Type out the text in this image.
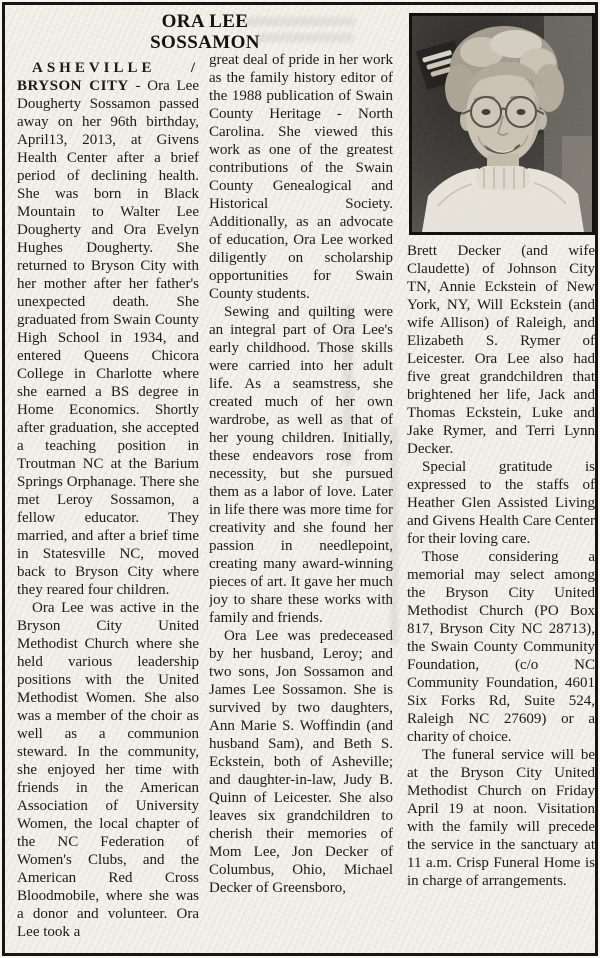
ORA LEE
SOSSAMON

ASHEVILLE / BRYSON CITY - Ora Lee Dougherty Sossamon passed away on her 96th birthday, April13, 2013, at Givens Health Center after a brief period of declining health. She was born in Black Mountain to Walter Lee Dougherty and Ora Evelyn Hughes Dougherty. She returned to Bryson City with her mother after her father's unexpected death. She graduated from Swain County High School in 1934, and entered Queens Chicora College in Charlotte where she earned a BS degree in Home Economics. Shortly after graduation, she accepted a teaching position in Troutman NC at the Barium Springs Orphanage. There she met Leroy Sossamon, a fellow educator. They married, and after a brief time in Statesville NC, moved back to Bryson City where they reared four children.

Ora Lee was active in the Bryson City United Methodist Church where she held various leadership positions with the United Methodist Women. She also was a member of the choir as well as a communion steward. In the community, she enjoyed her time with friends in the American Association of University Women, the local chapter of the NC Federation of Women's Clubs, and the American Red Cross Bloodmobile, where she was a donor and volunteer. Ora Lee took a

great deal of pride in her work as the family history editor of the 1988 publication of Swain County Heritage - North Carolina. She viewed this work as one of the greatest contributions of the Swain County Genealogical and Historical Society. Additionally, as an advocate of education, Ora Lee worked diligently on scholarship opportunities for Swain County students.

Sewing and quilting were an integral part of Ora Lee's early childhood. Those skills were carried into her adult life. As a seamstress, she created much of her own wardrobe, as well as that of her young children. Initially, these endeavors rose from necessity, but she pursued them as a labor of love. Later in life there was more time for creativity and she found her passion in needlepoint, creating many award-winning pieces of art. It gave her much joy to share these works with family and friends.

Ora Lee was predeceased by her husband, Leroy; and two sons, Jon Sossamon and James Lee Sossamon. She is survived by two daughters, Ann Marie S. Woffindin (and husband Sam), and Beth S. Eckstein, both of Asheville; and daughter-in-law, Judy B. Quinn of Leicester. She also leaves six grandchildren to cherish their memories of Mom Lee, Jon Decker of Columbus, Ohio, Michael Decker of Greensboro,

Brett Decker (and wife Claudette) of Johnson City TN, Annie Eckstein of New York, NY, Will Eckstein (and wife Allison) of Raleigh, and Elizabeth S. Rymer of Leicester. Ora Lee also had five great grandchildren that brightened her life, Jack and Thomas Eckstein, Luke and Jake Rymer, and Terri Lynn Decker.

Special gratitude is expressed to the staffs of Heather Glen Assisted Living and Givens Health Care Center for their loving care.

Those considering a memorial may select among the Bryson City United Methodist Church (PO Box 817, Bryson City NC 28713), the Swain County Community Foundation, (c/o NC Community Foundation, 4601 Six Forks Rd, Suite 524, Raleigh NC 27609) or a charity of choice.

The funeral service will be at the Bryson City United Methodist Church on Friday April 19 at noon. Visitation with the family will precede the service in the sanctuary at 11 a.m. Crisp Funeral Home is in charge of arrangements.
